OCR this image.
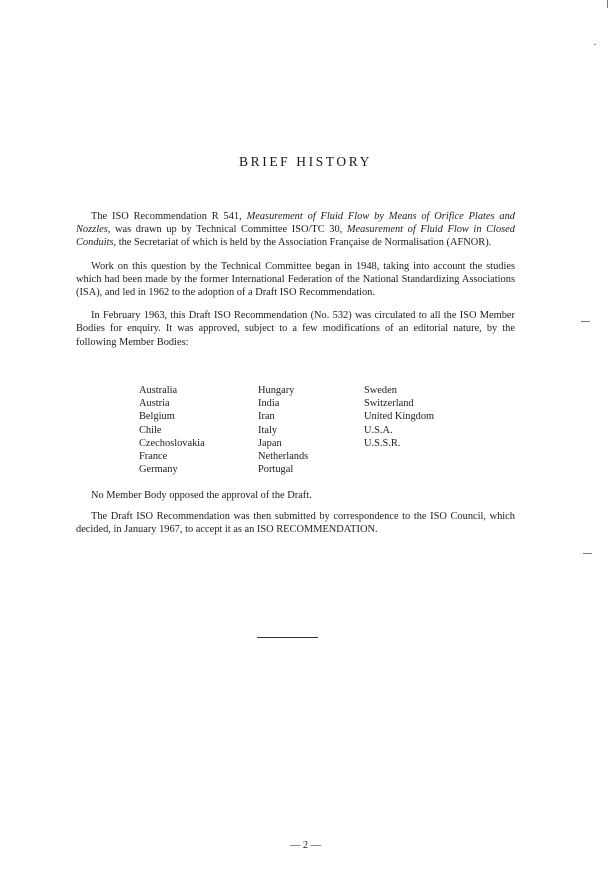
BRIEF HISTORY

The ISO Recommendation R 541, Measurement of Fluid Flow by Means of Orifice Plates and Nozzles, was drawn up by Technical Committee ISO/TC 30, Measurement of Fluid Flow in Closed Conduits, the Secretariat of which is held by the Association Française de Normalisation (AFNOR).

Work on this question by the Technical Committee began in 1948, taking into account the studies which had been made by the former International Federation of the National Standardizing Associations (ISA), and led in 1962 to the adoption of a Draft ISO Recommendation.

In February 1963, this Draft ISO Recommendation (No. 532) was circulated to all the ISO Member Bodies for enquiry. It was approved, subject to a few modifications of an editorial nature, by the following Member Bodies:

Australia
Austria
Belgium
Chile
Czechoslovakia
France
Germany
Hungary
India
Iran
Italy
Japan
Netherlands
Portugal
Sweden
Switzerland
United Kingdom
U.S.A.
U.S.S.R.

No Member Body opposed the approval of the Draft.

The Draft ISO Recommendation was then submitted by correspondence to the ISO Council, which decided, in January 1967, to accept it as an ISO RECOMMENDATION.

— 2 —
